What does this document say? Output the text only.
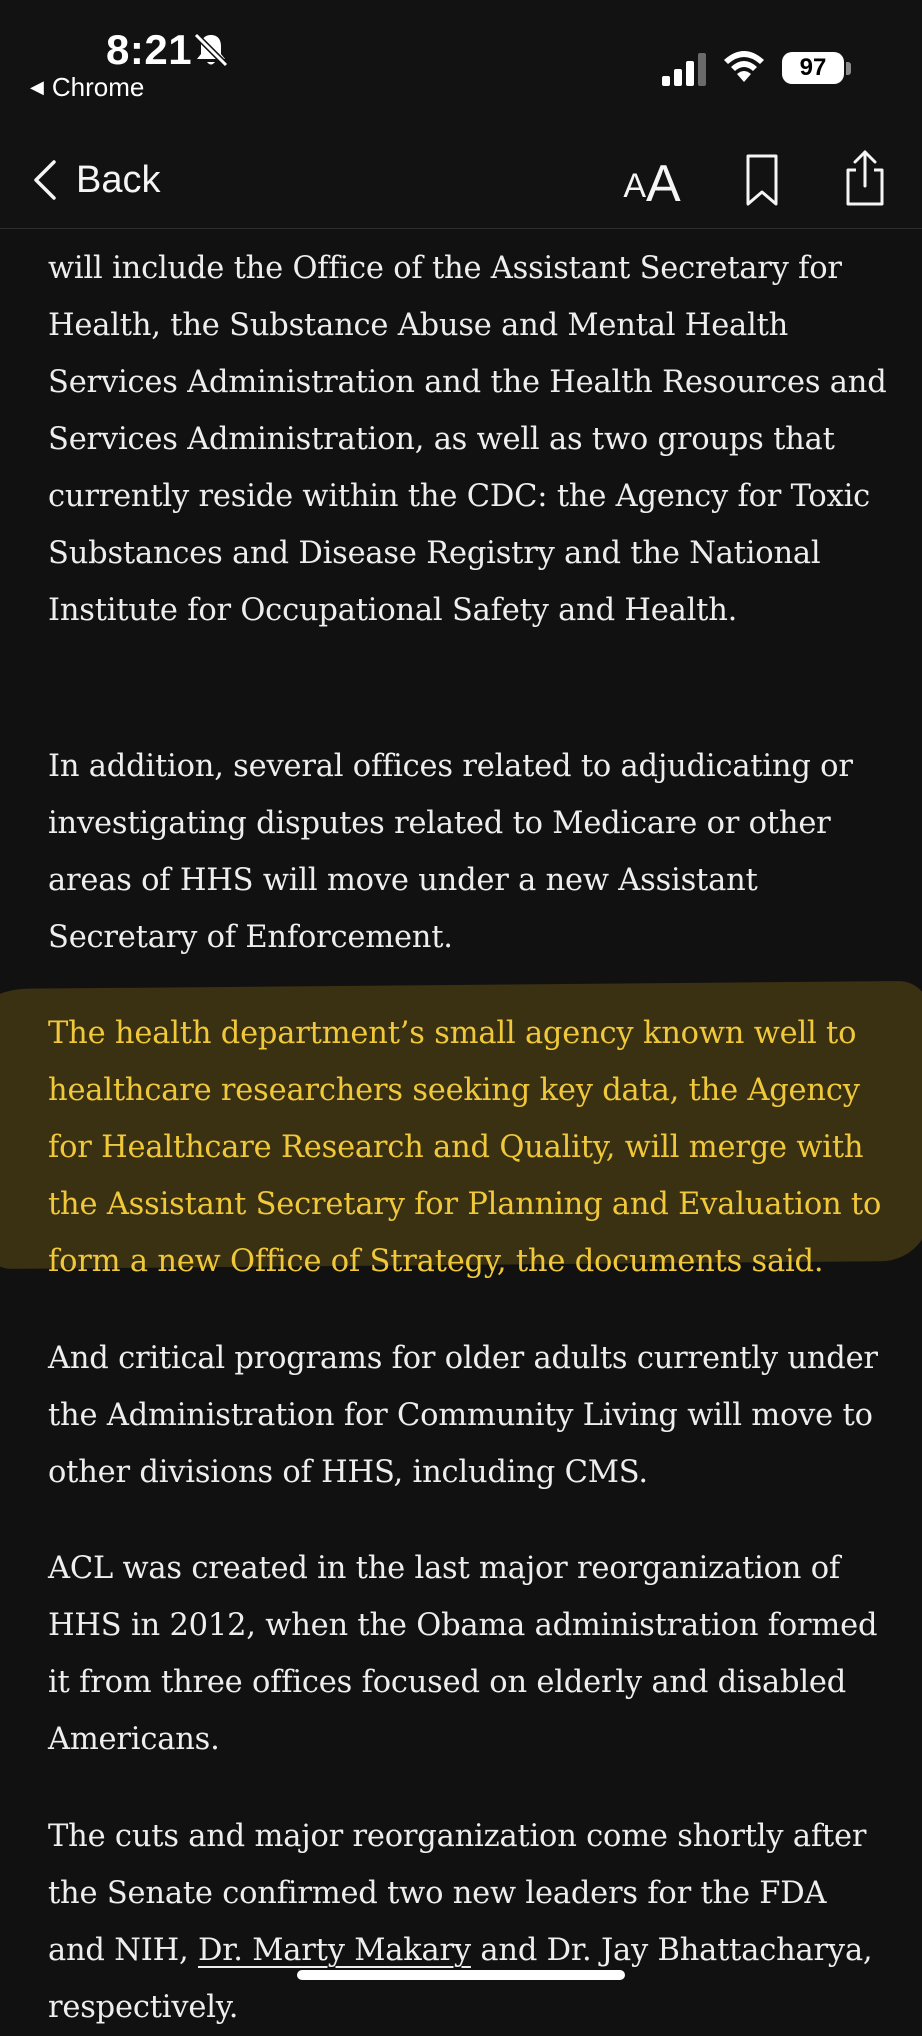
8:21
◀ Chrome
97
Back	A A

will include the Office of the Assistant Secretary for Health, the Substance Abuse and Mental Health Services Administration and the Health Resources and Services Administration, as well as two groups that currently reside within the CDC: the Agency for Toxic Substances and Disease Registry and the National Institute for Occupational Safety and Health.

In addition, several offices related to adjudicating or investigating disputes related to Medicare or other areas of HHS will move under a new Assistant Secretary of Enforcement.

The health department’s small agency known well to healthcare researchers seeking key data, the Agency for Healthcare Research and Quality, will merge with the Assistant Secretary for Planning and Evaluation to form a new Office of Strategy, the documents said.

And critical programs for older adults currently under the Administration for Community Living will move to other divisions of HHS, including CMS.

ACL was created in the last major reorganization of HHS in 2012, when the Obama administration formed it from three offices focused on elderly and disabled Americans.

The cuts and major reorganization come shortly after the Senate confirmed two new leaders for the FDA and NIH, Dr. Marty Makary and Dr. Jay Bhattacharya, respectively.
